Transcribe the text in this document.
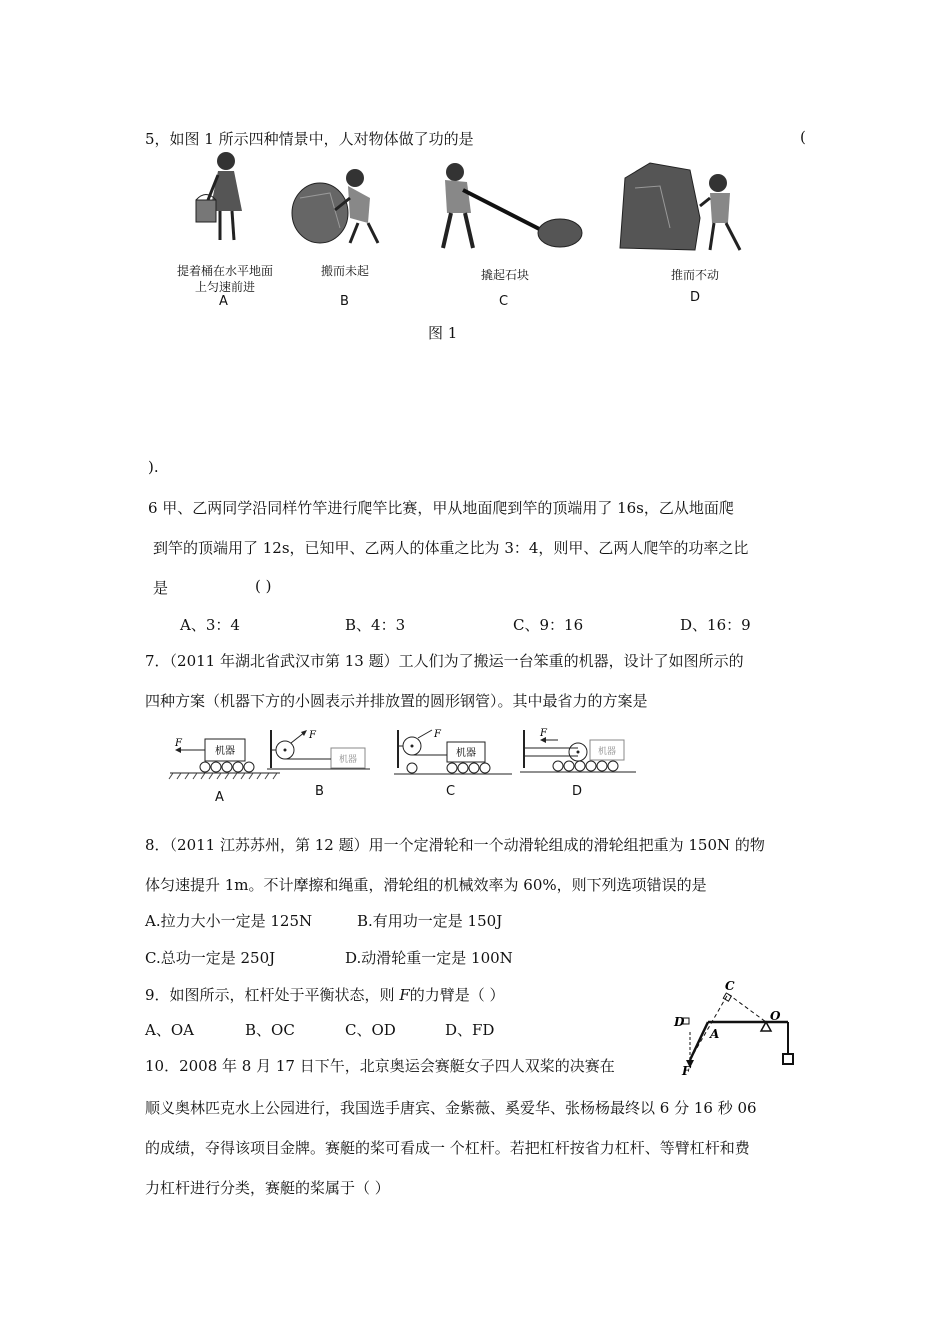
5，如图 1 所示四种情景中，人对物体做了功的是	(
提着桶在水平地面
上匀速前进
A
搬而未起
B
撬起石块
C
推而不动
D
图 1
).
6 甲、乙两同学沿同样竹竿进行爬竿比赛，甲从地面爬到竿的顶端用了 16s，乙从地面爬
到竿的顶端用了 12s，已知甲、乙两人的体重之比为 3：4，则甲、乙两人爬竿的功率之比
是	( )
A、3：4	B、4：3	C、9：16	D、16：9
7．（2011 年湖北省武汉市第 13 题）工人们为了搬运一台笨重的机器，设计了如图所示的
四种方案（机器下方的小圆表示并排放置的圆形钢管）。其中最省力的方案是
机器
F
A
机器
F
B
机器
F
C
机器
F
D
8．（2011 江苏苏州，第 12 题）用一个定滑轮和一个动滑轮组成的滑轮组把重为 150N 的物
体匀速提升 1m。不计摩擦和绳重，滑轮组的机械效率为 60%，则下列选项错误的是
A.拉力大小一定是 125N	B.有用功一定是 150J
C.总功一定是 250J	D.动滑轮重一定是 100N
9．如图所示，杠杆处于平衡状态，则 F的力臂是（ ）
A、OA	B、OC	C、OD	D、FD
C
D	O
A
F
10．2008 年 8 月 17 日下午，北京奥运会赛艇女子四人双桨的决赛在
顺义奥林匹克水上公园进行，我国选手唐宾、金紫薇、奚爱华、张杨杨最终以 6 分 16 秒 06
的成绩，夺得该项目金牌。赛艇的桨可看成一 个杠杆。若把杠杆按省力杠杆、等臂杠杆和费
力杠杆进行分类，赛艇的桨属于（ ）
